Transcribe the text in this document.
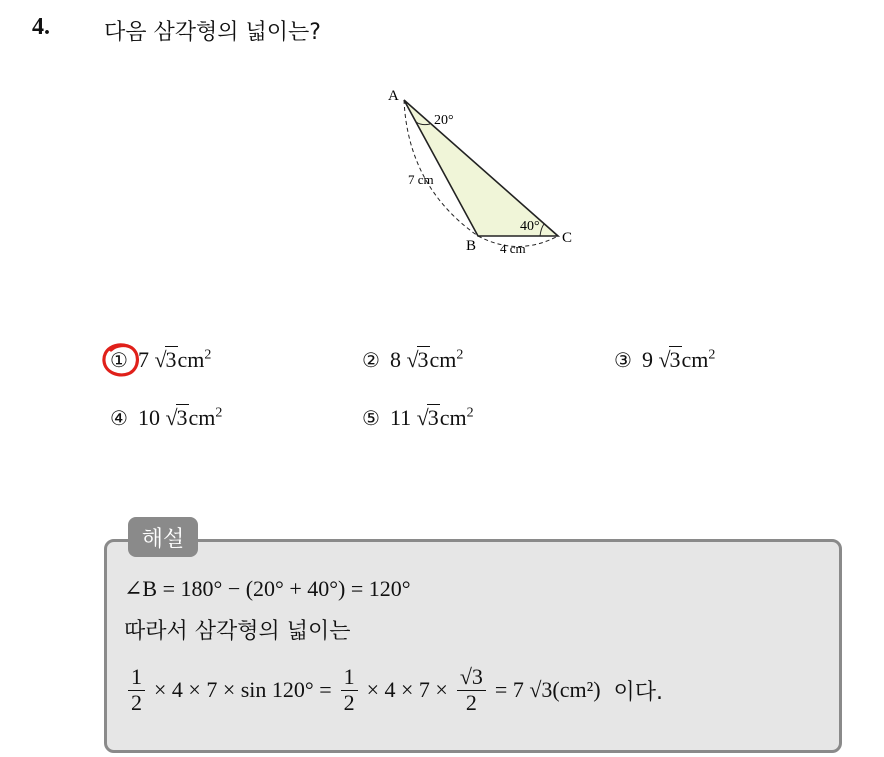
4. 다음 삼각형의 넓이는?
A
B	C
20°
40°
7 cm
4 cm
① 7 $√3cm^2$	② 8 $√3cm^2$	③ 9 $√3cm^2$
④ 10 $√3cm^2$	⑤ 11 $√3cm^2$
해설
∠B = 180° − (20° + 40°) = 120°
따라서 삼각형의 넓이는
$\frac{1}{2} \times 4 \times 7 \times \sin 120^\circ = \frac{1}{2} \times 4 \times 7 \times \frac{√3}{2} = 7$ √3(cm²) 이다.
